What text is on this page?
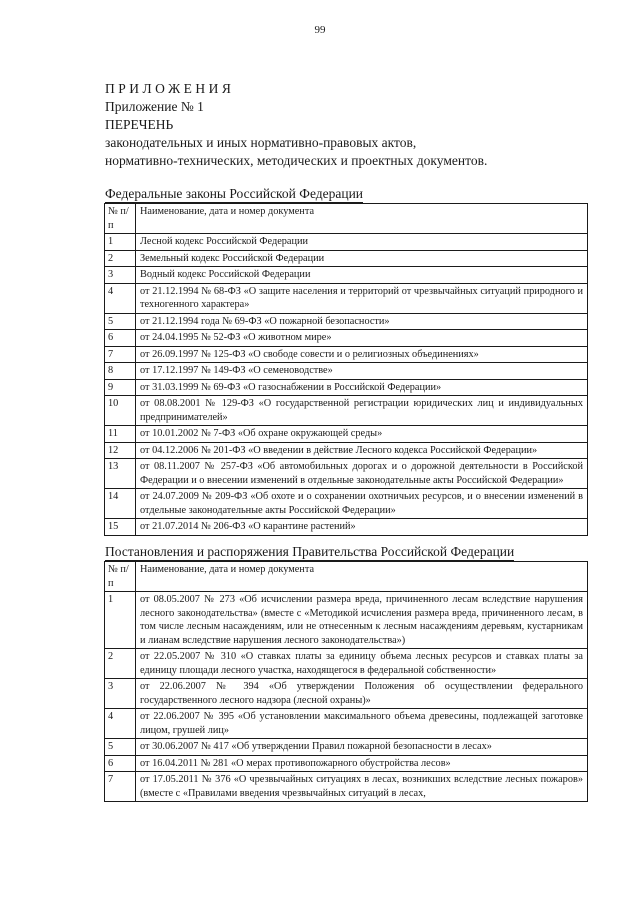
99
ПРИЛОЖЕНИЯ
Приложение № 1
ПЕРЕЧЕНЬ
законодательных и иных нормативно-правовых актов,
нормативно-технических, методических и проектных документов.
Федеральные законы Российской Федерации
№ п/п	Наименование, дата и номер документа
1	Лесной кодекс Российской Федерации
2	Земельный кодекс Российской Федерации
3	Водный кодекс Российской Федерации
4	от 21.12.1994 № 68-ФЗ «О защите населения и территорий от чрезвычайных ситуаций природного и техногенного характера»
5	от 21.12.1994 года № 69-ФЗ «О пожарной безопасности»
6	от 24.04.1995 № 52-ФЗ «О животном мире»
7	от 26.09.1997 № 125-ФЗ «О свободе совести и о религиозных объединениях»
8	от 17.12.1997 № 149-ФЗ «О семеноводстве»
9	от 31.03.1999 № 69-ФЗ «О газоснабжении в Российской Федерации»
10	от 08.08.2001 № 129-ФЗ «О государственной регистрации юридических лиц и индивидуальных предпринимателей»
11	от 10.01.2002 № 7-ФЗ «Об охране окружающей среды»
12	от 04.12.2006 № 201-ФЗ «О введении в действие Лесного кодекса Российской Федерации»
13	от 08.11.2007 № 257-ФЗ «Об автомобильных дорогах и о дорожной деятельности в Российской Федерации и о внесении изменений в отдельные законодательные акты Российской Федерации»
14	от 24.07.2009 № 209-ФЗ «Об охоте и о сохранении охотничьих ресурсов, и о внесении изменений в отдельные законодательные акты Российской Федерации»
15	от 21.07.2014 № 206-ФЗ «О карантине растений»
Постановления и распоряжения Правительства Российской Федерации
№ п/п	Наименование, дата и номер документа
1	от 08.05.2007 № 273 «Об исчислении размера вреда, причиненного лесам вследствие нарушения лесного законодательства» (вместе с «Методикой исчисления размера вреда, причиненного лесам, в том числе лесным насаждениям, или не отнесенным к лесным насаждениям деревьям, кустарникам и лианам вследствие нарушения лесного законодательства»)
2	от 22.05.2007 № 310 «О ставках платы за единицу объема лесных ресурсов и ставках платы за единицу площади лесного участка, находящегося в федеральной собственности»
3	от 22.06.2007 № 394 «Об утверждении Положения об осуществлении федерального государственного лесного надзора (лесной охраны)»
4	от 22.06.2007 № 395 «Об установлении максимального объема древесины, подлежащей заготовке лицом, грушей лиц»
5	от 30.06.2007 № 417 «Об утверждении Правил пожарной безопасности в лесах»
6	от 16.04.2011 № 281 «О мерах противопожарного обустройства лесов»
7	от 17.05.2011 № 376 «О чрезвычайных ситуациях в лесах, возникших вследствие лесных пожаров» (вместе с «Правилами введения чрезвычайных ситуаций в лесах,
